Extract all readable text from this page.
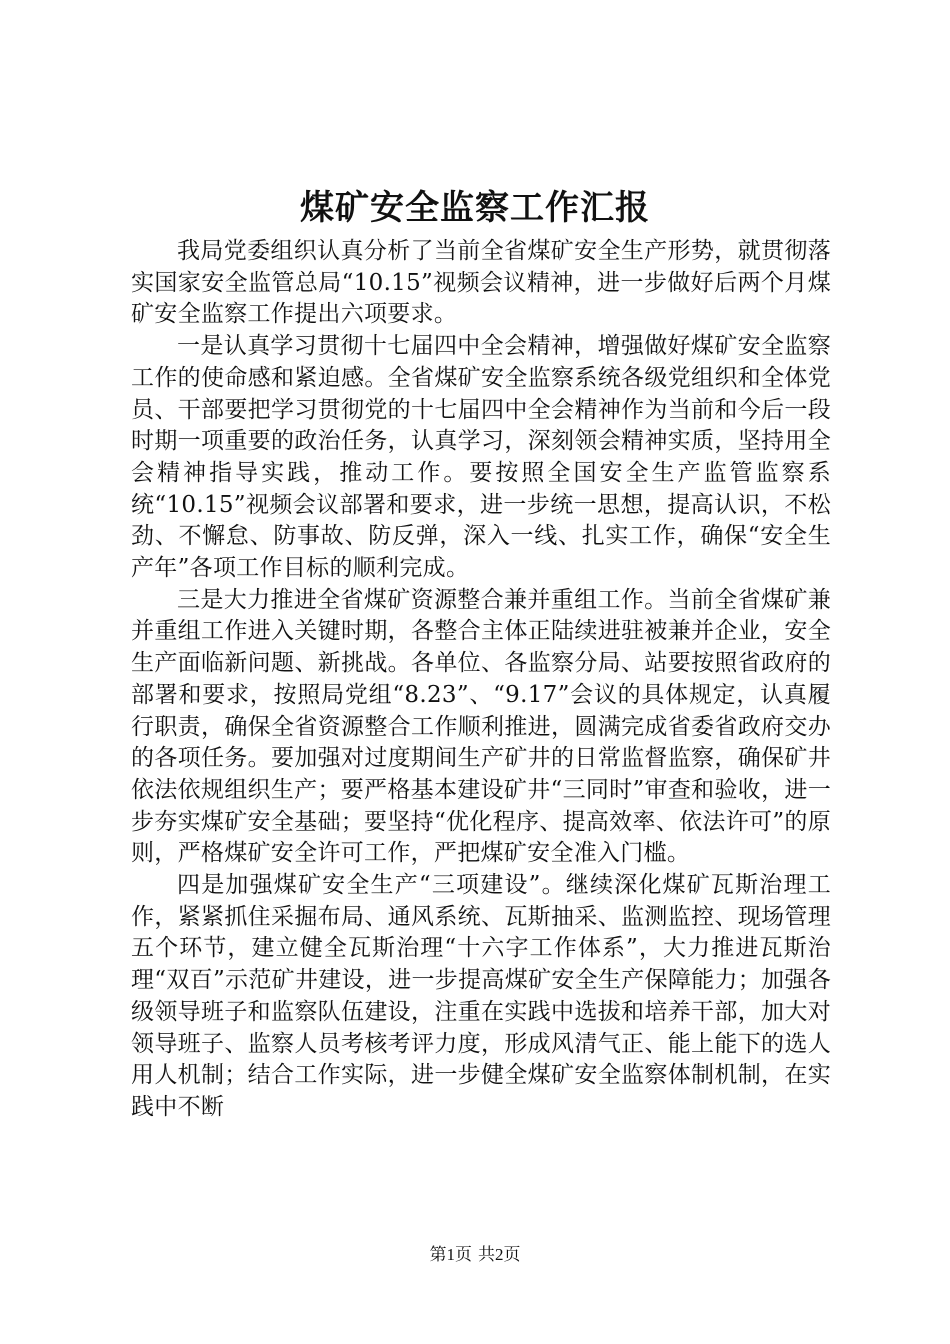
煤矿安全监察工作汇报

我局党委组织认真分析了当前全省煤矿安全生产形势，就贯彻落实国家安全监管总局“10.15”视频会议精神，进一步做好后两个月煤矿安全监察工作提出六项要求。

一是认真学习贯彻十七届四中全会精神，增强做好煤矿安全监察工作的使命感和紧迫感。全省煤矿安全监察系统各级党组织和全体党员、干部要把学习贯彻党的十七届四中全会精神作为当前和今后一段时期一项重要的政治任务，认真学习，深刻领会精神实质，坚持用全会精神指导实践，推动工作。要按照全国安全生产监管监察系统“10.15”视频会议部署和要求，进一步统一思想，提高认识，不松劲、不懈怠、防事故、防反弹，深入一线、扎实工作，确保“安全生产年”各项工作目标的顺利完成。

三是大力推进全省煤矿资源整合兼并重组工作。当前全省煤矿兼并重组工作进入关键时期，各整合主体正陆续进驻被兼并企业，安全生产面临新问题、新挑战。各单位、各监察分局、站要按照省政府的部署和要求，按照局党组“8.23”、“9.17”会议的具体规定，认真履行职责，确保全省资源整合工作顺利推进，圆满完成省委省政府交办的各项任务。要加强对过度期间生产矿井的日常监督监察，确保矿井依法依规组织生产；要严格基本建设矿井“三同时”审查和验收，进一步夯实煤矿安全基础；要坚持“优化程序、提高效率、依法许可”的原则，严格煤矿安全许可工作，严把煤矿安全准入门槛。

四是加强煤矿安全生产“三项建设”。继续深化煤矿瓦斯治理工作，紧紧抓住采掘布局、通风系统、瓦斯抽采、监测监控、现场管理五个环节，建立健全瓦斯治理“十六字工作体系”，大力推进瓦斯治理“双百”示范矿井建设，进一步提高煤矿安全生产保障能力；加强各级领导班子和监察队伍建设，注重在实践中选拔和培养干部，加大对领导班子、监察人员考核考评力度，形成风清气正、能上能下的选人用人机制；结合工作实际，进一步健全煤矿安全监察体制机制，在实践中不断

第1页 共2页
